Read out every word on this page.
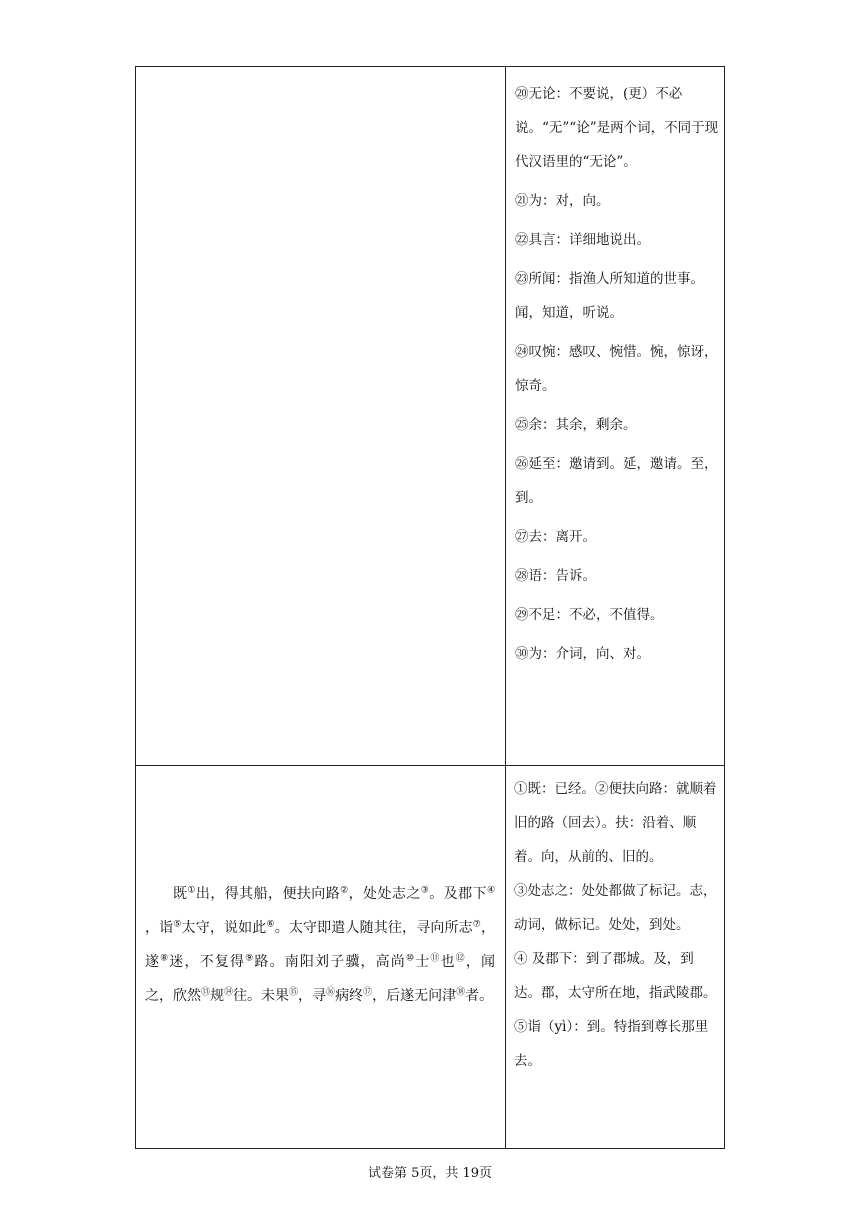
⑳无论：不要说，(更）不必说。“无”“论”是两个词，不同于现代汉语里的“无论”。
㉑为：对，向。
㉒具言：详细地说出。
㉓所闻：指渔人所知道的世事。闻，知道，听说。
㉔叹惋：感叹、惋惜。惋，惊讶，惊奇。
㉕余：其余，剩余。
㉖延至：邀请到。延，邀请。至，到。
㉗去：离开。
㉘语：告诉。
㉙不足：不必，不值得。
㉚为：介词，向、对。

既①出，得其船，便扶向路②，处处志之③。及郡下④ ，诣⑤太守，说如此⑥。太守即遣人随其往，寻向所志⑦，遂⑧迷，不复得⑨路。南阳刘子骥，高尚⑩士⑪也⑫，闻之，欣然⑬规⑭往。未果⑮，寻⑯病终⑰，后遂无问津⑱者。

①既：已经。②便扶向路：就顺着旧的路（回去）。扶：沿着、顺着。向，从前的、旧的。

③处志之：处处都做了标记。志，动词，做标记。处处，到处。

④ 及郡下：到了郡城。及，到达。郡，太守所在地，指武陵郡。

⑤诣（yì）：到。特指到尊长那里去。

试卷第 5页，共 19页
